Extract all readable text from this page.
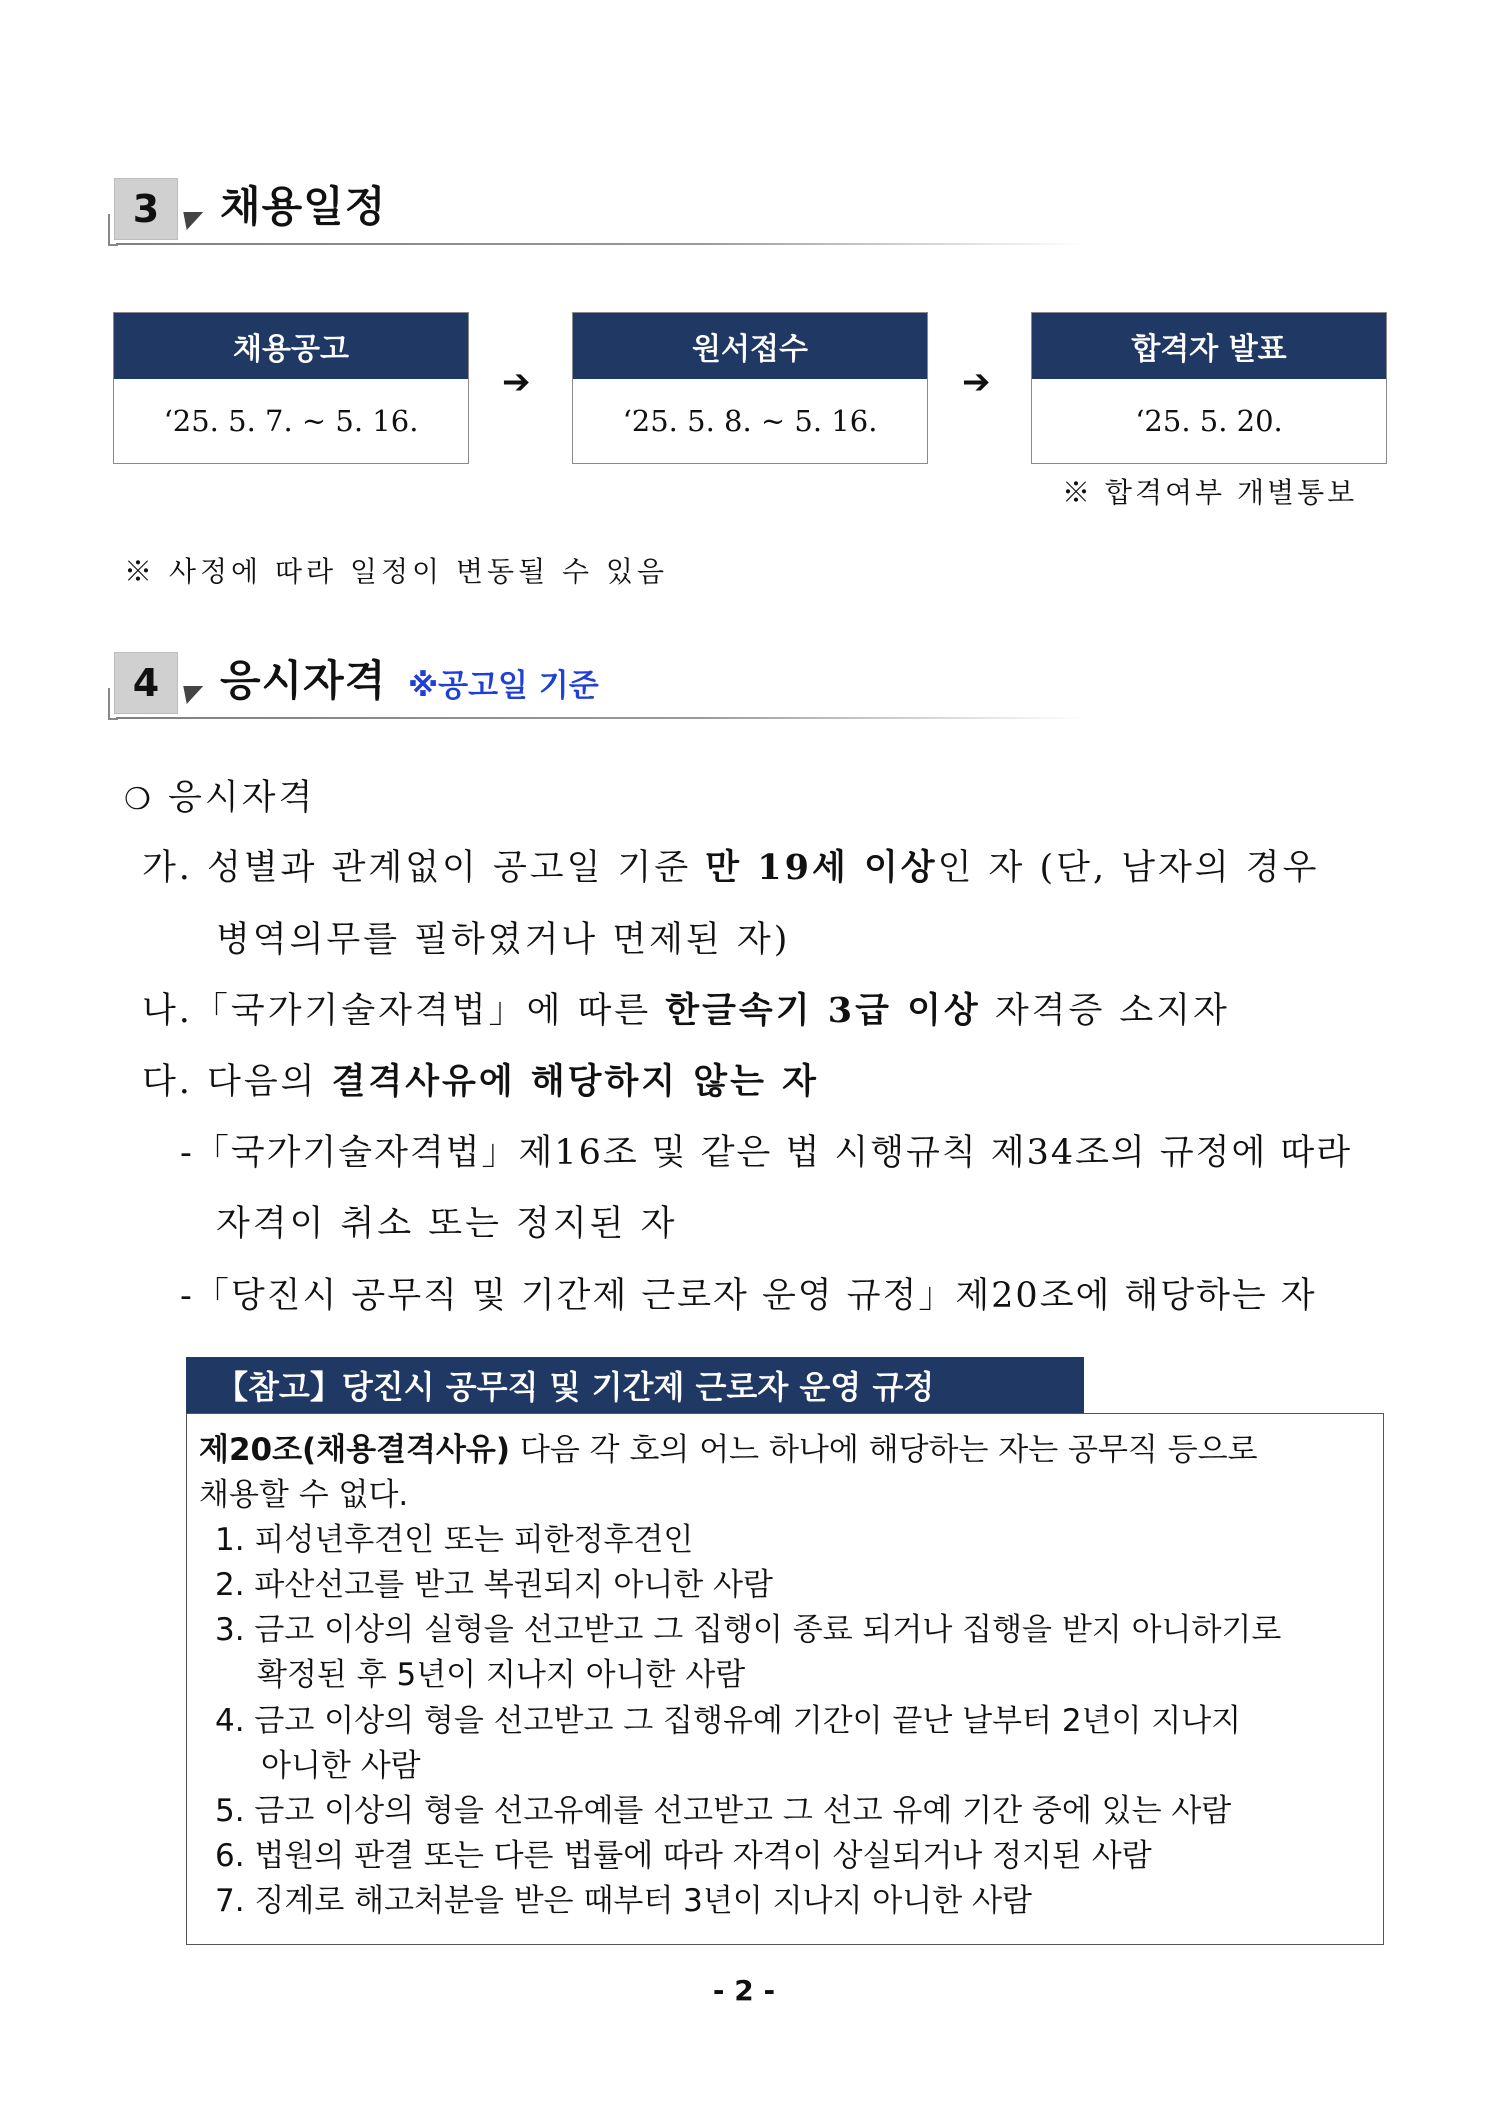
3	채용일정
채용공고
‘25. 5. 7. ~ 5. 16.
➔
원서접수
‘25. 5. 8. ~ 5. 16.
➔
합격자 발표
‘25. 5. 20.
※ 합격여부 개별통보
※ 사정에 따라 일정이 변동될 수 있음
4	응시자격 ※공고일 기준
❍ 응시자격
가. 성별과 관계없이 공고일 기준 만 19세 이상인 자 (단, 남자의 경우
병역의무를 필하였거나 면제된 자)
나.「국가기술자격법」에 따른 한글속기 3급 이상 자격증 소지자
다. 다음의 결격사유에 해당하지 않는 자
-「국가기술자격법」제16조 및 같은 법 시행규칙 제34조의 규정에 따라
자격이 취소 또는 정지된 자
-「당진시 공무직 및 기간제 근로자 운영 규정」제20조에 해당하는 자
【참고】당진시 공무직 및 기간제 근로자 운영 규정
제20조(채용결격사유) 다음 각 호의 어느 하나에 해당하는 자는 공무직 등으로
채용할 수 없다.
1. 피성년후견인 또는 피한정후견인
2. 파산선고를 받고 복권되지 아니한 사람
3. 금고 이상의 실형을 선고받고 그 집행이 종료 되거나 집행을 받지 아니하기로
확정된 후 5년이 지나지 아니한 사람
4. 금고 이상의 형을 선고받고 그 집행유예 기간이 끝난 날부터 2년이 지나지
아니한 사람
5. 금고 이상의 형을 선고유예를 선고받고 그 선고 유예 기간 중에 있는 사람
6. 법원의 판결 또는 다른 법률에 따라 자격이 상실되거나 정지된 사람
7. 징계로 해고처분을 받은 때부터 3년이 지나지 아니한 사람
- 2 -
